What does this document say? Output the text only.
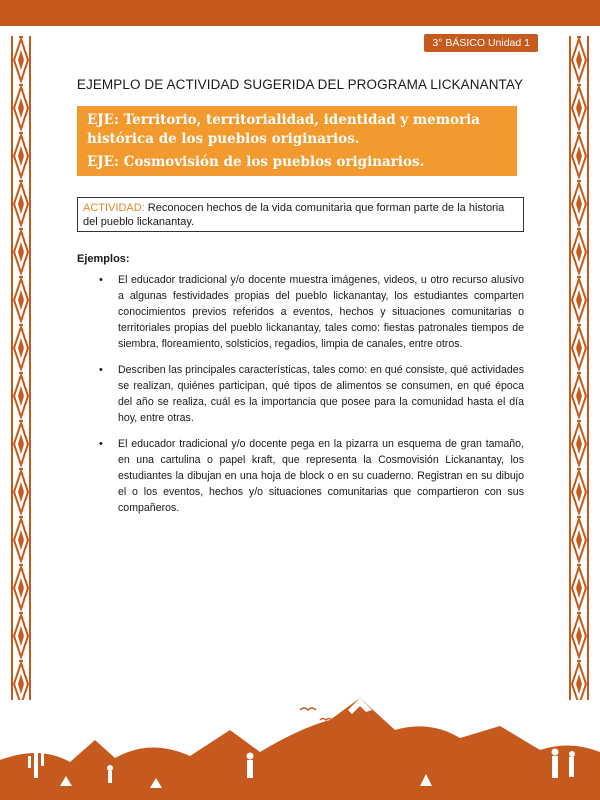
3° BÁSICO Unidad 1
EJEMPLO DE ACTIVIDAD SUGERIDA DEL PROGRAMA LICKANANTAY
EJE: Territorio, territorialidad, identidad y memoria histórica de los pueblos originarios.
EJE: Cosmovisión de los pueblos originarios.
ACTIVIDAD: Reconocen hechos de la vida comunitaria que forman parte de la historia del pueblo lickanantay.
Ejemplos:
• El educador tradicional y/o docente muestra imágenes, videos, u otro recurso alusivo a algunas festividades propias del pueblo lickanantay, los estudiantes comparten conocimientos previos referidos a eventos, hechos y situaciones comunitarias o territoriales propias del pueblo lickanantay, tales como: fiestas patronales tiempos de siembra, floreamiento, solsticios, regadios, limpia de canales, entre otros.
• Describen las principales características, tales como: en qué consiste, qué actividades se realizan, quiénes participan, qué tipos de alimentos se consumen, en qué época del año se realiza, cuál es la importancia que posee para la comunidad hasta el día hoy, entre otras.
• El educador tradicional y/o docente pega en la pizarra un esquema de gran tamaño, en una cartulina o papel kraft, que representa la Cosmovisión Lickanantay, los estudiantes la dibujan en una hoja de block o en su cuaderno. Registran en su dibujo el o los eventos, hechos y/o situaciones comunitarias que compartieron con sus compañeros.
